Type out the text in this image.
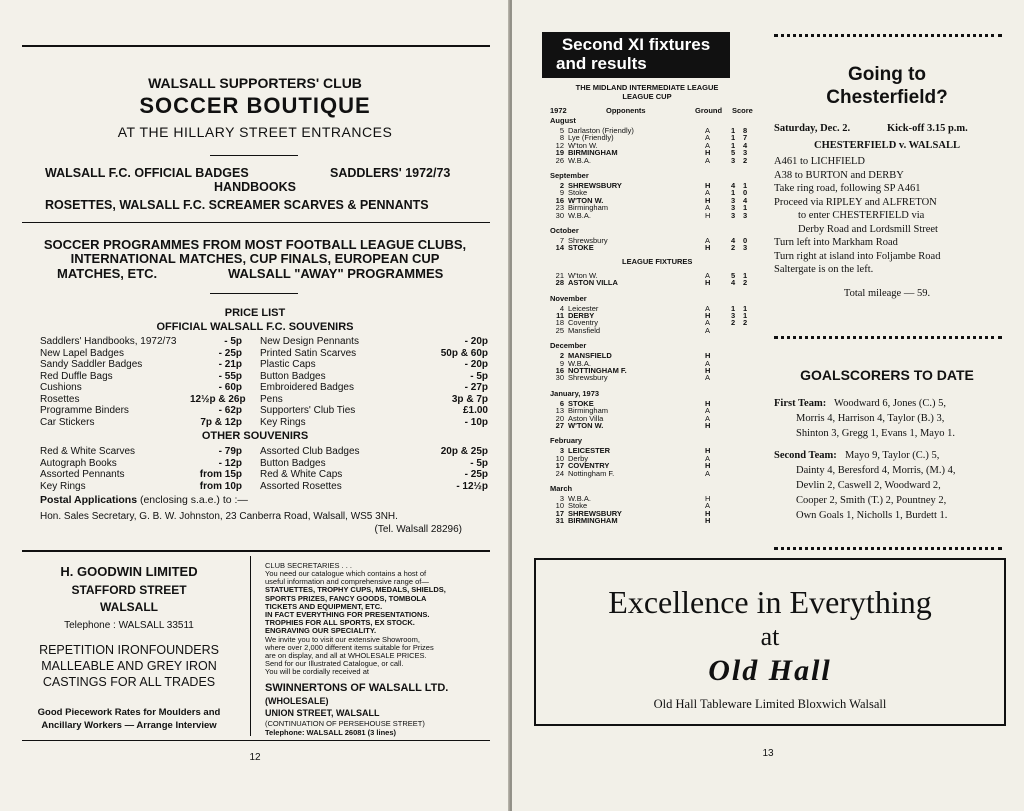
WALSALL SUPPORTERS' CLUB
SOCCER BOUTIQUE
AT THE HILLARY STREET ENTRANCES
WALSALL F.C. OFFICIAL BADGES	SADDLERS' 1972/73
HANDBOOKS
ROSETTES, WALSALL F.C. SCREAMER SCARVES & PENNANTS
SOCCER PROGRAMMES FROM MOST FOOTBALL LEAGUE CLUBS,
INTERNATIONAL MATCHES, CUP FINALS, EUROPEAN CUP
MATCHES, ETC.	WALSALL "AWAY" PROGRAMMES
PRICE LIST
OFFICIAL WALSALL F.C. SOUVENIRS
Saddlers' Handbooks, 1972/73	- 5p
New Lapel Badges	- 25p
Sandy Saddler Badges	- 21p
Red Duffle Bags	- 55p
Cushions	- 60p
Rosettes	12½p & 26p
Programme Binders	- 62p
Car Stickers	7p & 12p
New Design Pennants	- 20p
Printed Satin Scarves	50p & 60p
Plastic Caps	- 20p
Button Badges	- 5p
Embroidered Badges	- 27p
Pens	3p & 7p
Supporters' Club Ties	£1.00
Key Rings	- 10p
OTHER SOUVENIRS
Red & White Scarves	- 79p
Autograph Books	- 12p
Assorted Pennants	from 15p
Key Rings	from 10p
Assorted Club Badges	20p & 25p
Button Badges	- 5p
Red & White Caps	- 25p
Assorted Rosettes	- 12½p
Postal Applications (enclosing s.a.e.) to :—
Hon. Sales Secretary, G. B. W. Johnston, 23 Canberra Road, Walsall, WS5 3NH.
(Tel. Walsall 28296)
H. GOODWIN LIMITED
STAFFORD STREET
WALSALL
Telephone : WALSALL 33511
REPETITION IRONFOUNDERS
MALLEABLE AND GREY IRON
CASTINGS FOR ALL TRADES
Good Piecework Rates for Moulders and
Ancillary Workers — Arrange Interview
CLUB SECRETARIES . . .
You need our catalogue which contains a host of
useful information and comprehensive range of—
STATUETTES, TROPHY CUPS, MEDALS, SHIELDS,
SPORTS PRIZES, FANCY GOODS, TOMBOLA
TICKETS AND EQUIPMENT, ETC.
IN FACT EVERYTHING FOR PRESENTATIONS.
TROPHIES FOR ALL SPORTS, EX STOCK.
ENGRAVING OUR SPECIALITY.
We invite you to visit our extensive Showroom,
where over 2,000 different items suitable for Prizes
are on display, and all at WHOLESALE PRICES.
Send for our Illustrated Catalogue, or call.
You will be cordially received at
SWINNERTONS OF WALSALL LTD.
(WHOLESALE)
UNION STREET, WALSALL
(CONTINUATION OF PERSEHOUSE STREET)
Telephone: WALSALL 26081 (3 lines)
12
Second XI fixtures
and results
THE MIDLAND INTERMEDIATE LEAGUE
LEAGUE CUP
1972	Opponents	Ground Score
August
5 Darlaston (Friendly)	A	1 8
8 Lye (Friendly)	A	1 7
12 W'ton W.	A	1 4
19 BIRMINGHAM	H	5 3
26 W.B.A.	A	3 2
September
2 SHREWSBURY	H	4 1
9 Stoke	A	1 0
16 W'TON W.	H	3 4
23 Birmingham	A	3 1
30 W.B.A.	H	3 3
October
7 Shrewsbury	A	4 0
14 STOKE	H	2 3
LEAGUE FIXTURES
21 W'ton W.	A	5 1
28 ASTON VILLA	H	4 2
November
4 Leicester	A	1 1
11 DERBY	H	3 1
18 Coventry	A	2 2
25 Mansfield	A
December
2 MANSFIELD	H
9 W.B.A.	A
16 NOTTINGHAM F.	H
30 Shrewsbury	A
January, 1973
6 STOKE	H
13 Birmingham	A
20 Aston Villa	A
27 W'TON W.	H
February
3 LEICESTER	H
10 Derby	A
17 COVENTRY	H
24 Nottingham F.	A
March
3 W.B.A.	H
10 Stoke	A
17 SHREWSBURY	H
31 BIRMINGHAM	H
Going to
Chesterfield?
Saturday, Dec. 2.	Kick-off 3.15 p.m.
CHESTERFIELD v. WALSALL
A461 to LICHFIELD
A38 to BURTON and DERBY
Take ring road, following SP A461
Proceed via RIPLEY and ALFRETON
to enter CHESTERFIELD via
Derby Road and Lordsmill Street
Turn left into Markham Road
Turn right at island into Foljambe Road
Saltergate is on the left.
Total mileage — 59.
GOALSCORERS TO DATE
First Team: Woodward 6, Jones (C.) 5,
Morris 4, Harrison 4, Taylor (B.) 3,
Shinton 3, Gregg 1, Evans 1, Mayo 1.
Second Team: Mayo 9, Taylor (C.) 5,
Dainty 4, Beresford 4, Morris, (M.) 4,
Devlin 2, Caswell 2, Woodward 2,
Cooper 2, Smith (T.) 2, Pountney 2,
Own Goals 1, Nicholls 1, Burdett 1.
Excellence in Everything
at
Old Hall
Old Hall Tableware Limited Bloxwich Walsall
13
